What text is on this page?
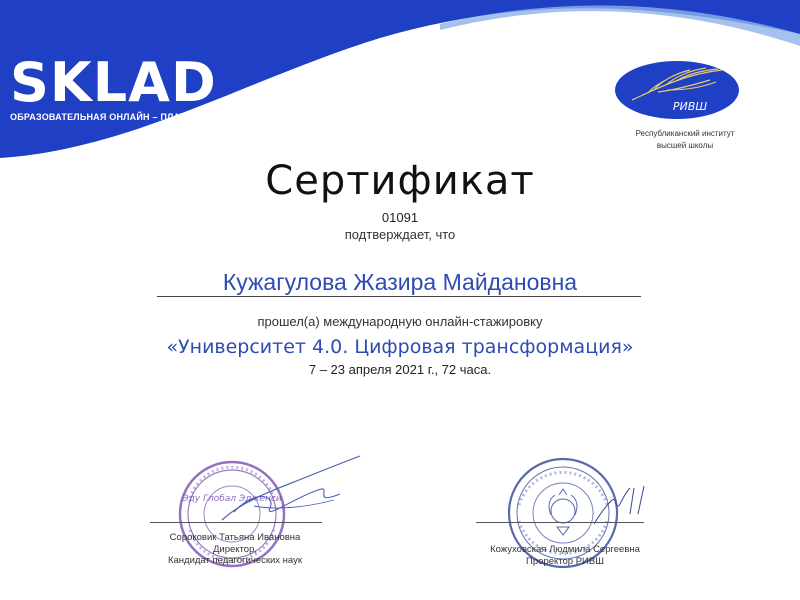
SKLAD
ОБРАЗОВАТЕЛЬНАЯ ОНЛАЙН – ПЛАТФОРМА
РИВШ
Республиканский институт
высшей школы
Сертификат
01091
подтверждает, что
Кужагулова Жазира Майдановна
прошел(а) международную онлайн-стажировку
«Университет 4.0. Цифровая трансформация»
7 – 23 апреля 2021 г., 72 часа.
Эду Глобал Эдженси
Сороковик Татьяна Ивановна
Директор,
Кандидат педагогических наук
Кожуховская Людмила Сергеевна
Проректор РИВШ
